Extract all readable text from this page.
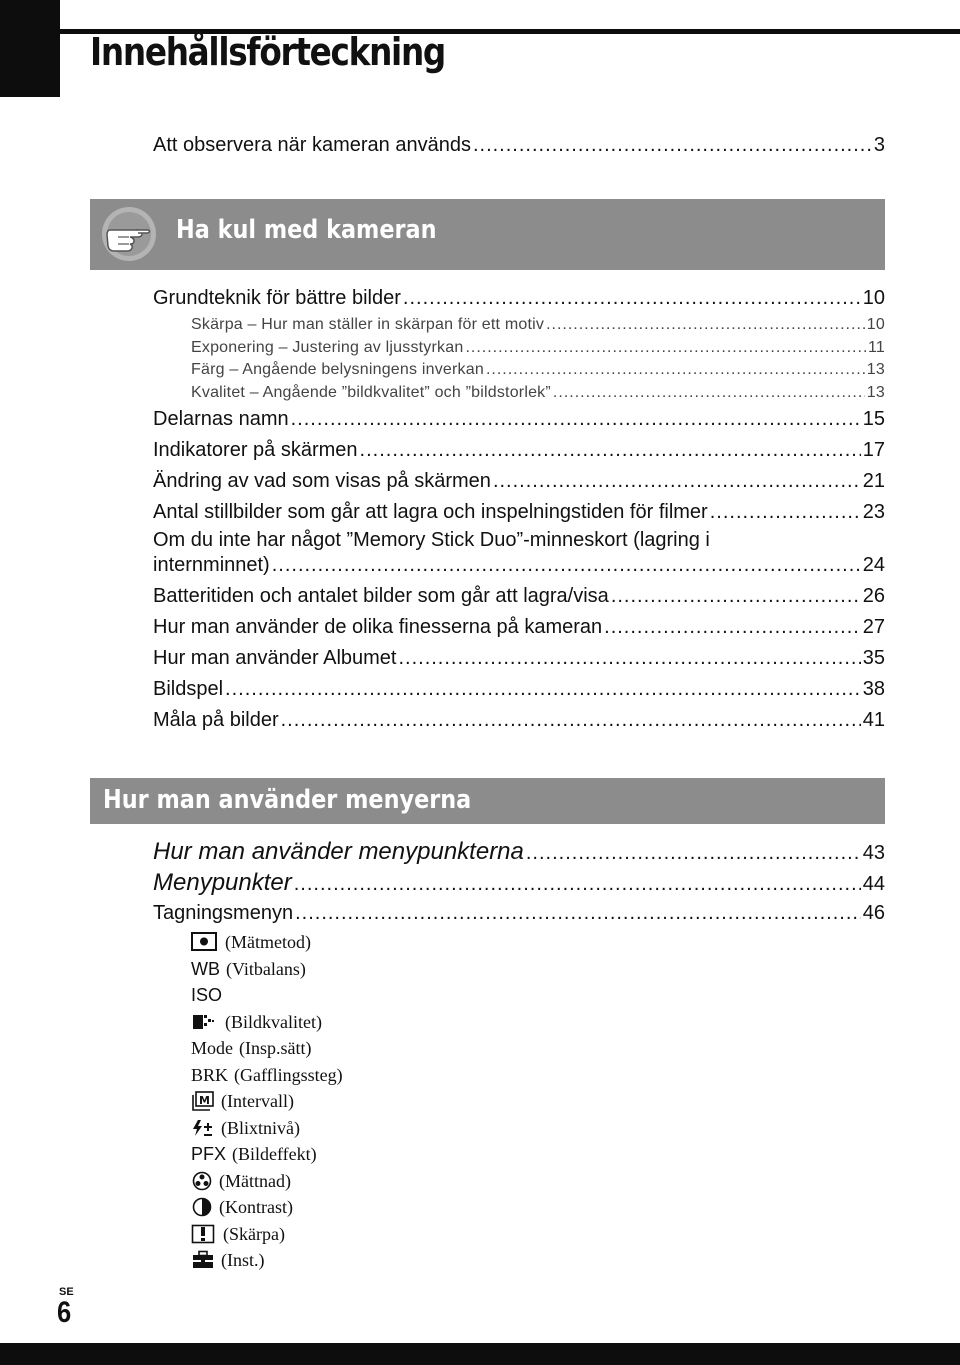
Innehållsförteckning
Att observera när kameran används .....	3
Ha kul med kameran
Grundteknik för bättre bilder .....	10
Skärpa – Hur man ställer in skärpan för ett motiv .....	10
Exponering – Justering av ljusstyrkan .....	11
Färg – Angående belysningens inverkan .....	13
Kvalitet – Angående ”bildkvalitet” och ”bildstorlek” .....	13
Delarnas namn .....	15
Indikatorer på skärmen .....	17
Ändring av vad som visas på skärmen .....	21
Antal stillbilder som går att lagra och inspelningstiden för filmer .....	23
Om du inte har något ”Memory Stick Duo”-minneskort (lagring i
internminnet) .....	24
Batteritiden och antalet bilder som går att lagra/visa .....	26
Hur man använder de olika finesserna på kameran .....	27
Hur man använder Albumet .....	35
Bildspel .....	38
Måla på bilder .....	41
Hur man använder menyerna
Hur man använder menypunkterna .....	43
Menypunkter .....	44
Tagningsmenyn .....	46
(Mätmetod)
WB (Vitbalans)
ISO
(Bildkvalitet)
Mode (Insp.sätt)
BRK (Gafflingssteg)
M (Intervall)
(Blixtnivå)
PFX (Bildeffekt)
(Mättnad)
(Kontrast)
(Skärpa)
(Inst.)
SE
6
